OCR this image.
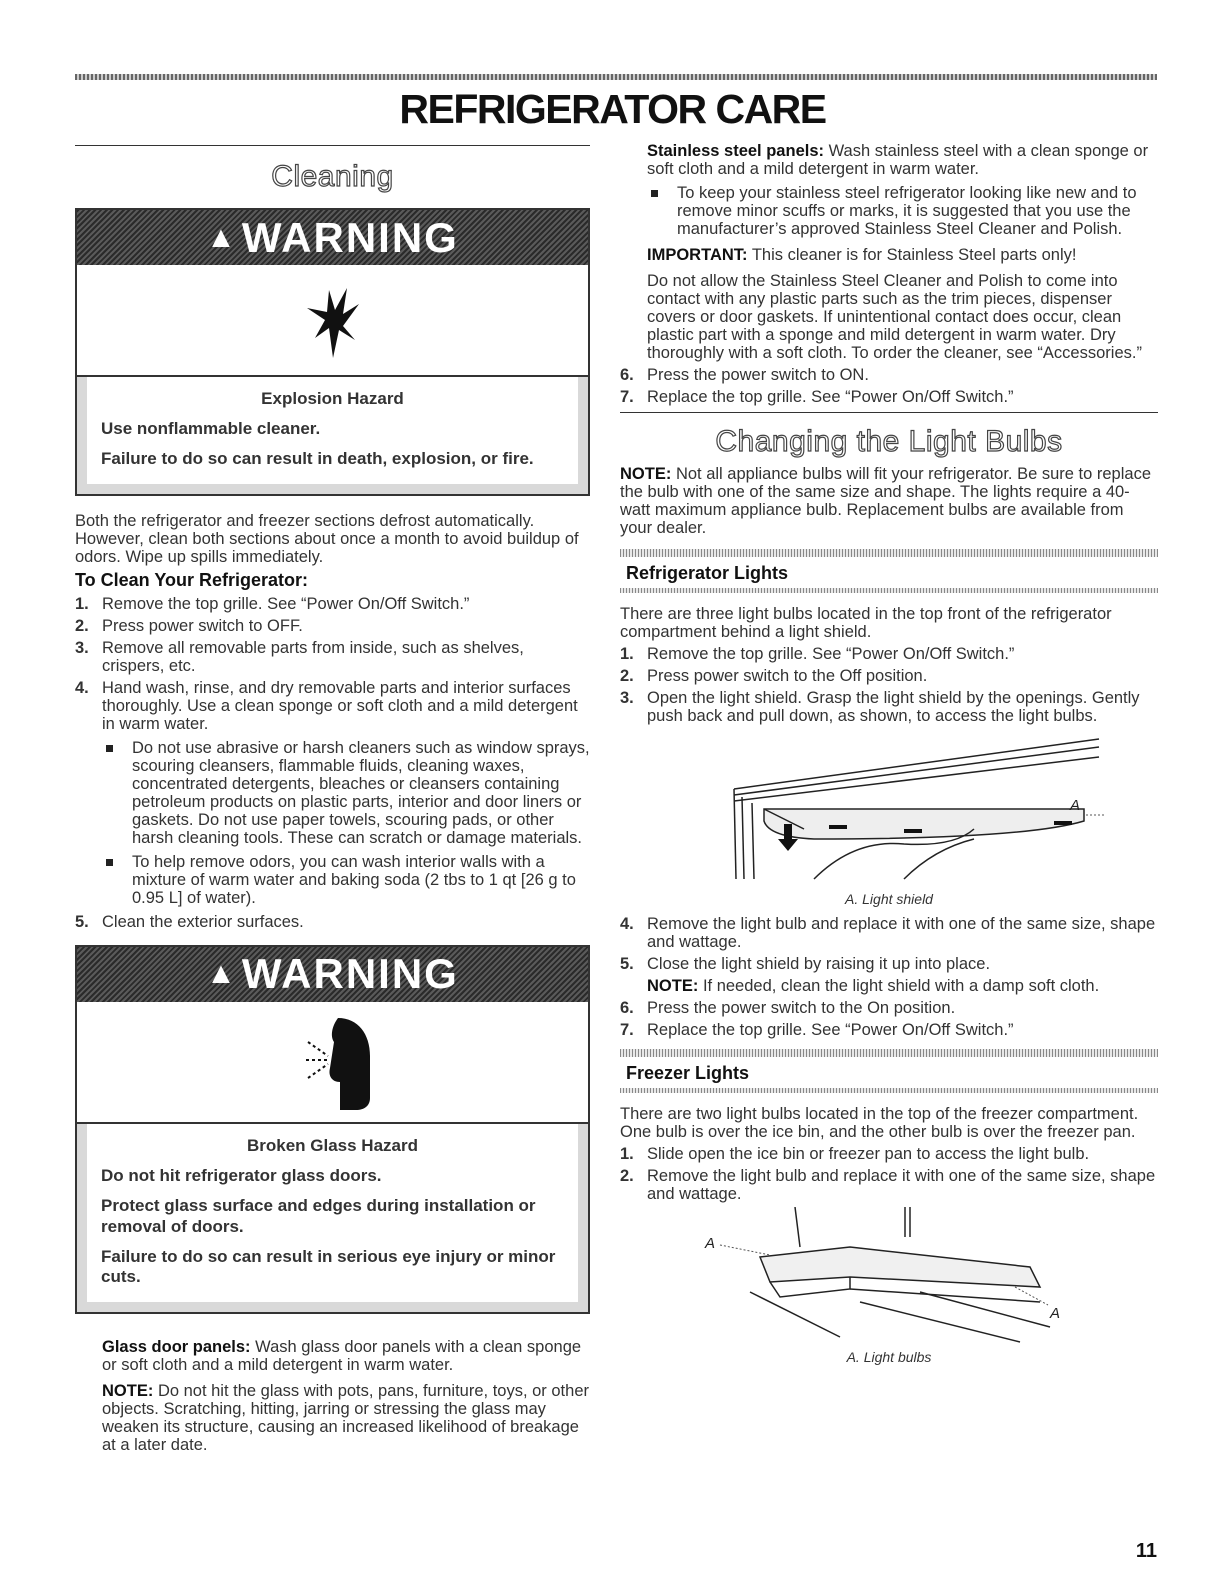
REFRIGERATOR CARE
Cleaning
▲ WARNING
Explosion Hazard

Use nonflammable cleaner.

Failure to do so can result in death, explosion, or fire.

Both the refrigerator and freezer sections defrost automatically. However, clean both sections about once a month to avoid buildup of odors. Wipe up spills immediately.

To Clean Your Refrigerator:
1. Remove the top grille. See “Power On/Off Switch.”
2. Press power switch to OFF.
3. Remove all removable parts from inside, such as shelves, crispers, etc.
4. Hand wash, rinse, and dry removable parts and interior surfaces thoroughly. Use a clean sponge or soft cloth and a mild detergent in warm water.
Do not use abrasive or harsh cleaners such as window sprays, scouring cleansers, flammable fluids, cleaning waxes, concentrated detergents, bleaches or cleansers containing petroleum products on plastic parts, interior and door liners or gaskets. Do not use paper towels, scouring pads, or other harsh cleaning tools. These can scratch or damage materials.
To help remove odors, you can wash interior walls with a mixture of warm water and baking soda (2 tbs to 1 qt [26 g to 0.95 L] of water).
5. Clean the exterior surfaces.
▲ WARNING
Broken Glass Hazard

Do not hit refrigerator glass doors.

Protect glass surface and edges during installation or removal of doors.

Failure to do so can result in serious eye injury or minor cuts.

Glass door panels: Wash glass door panels with a clean sponge or soft cloth and a mild detergent in warm water.

NOTE: Do not hit the glass with pots, pans, furniture, toys, or other objects. Scratching, hitting, jarring or stressing the glass may weaken its structure, causing an increased likelihood of breakage at a later date.

Stainless steel panels: Wash stainless steel with a clean sponge or soft cloth and a mild detergent in warm water.

To keep your stainless steel refrigerator looking like new and to remove minor scuffs or marks, it is suggested that you use the manufacturer’s approved Stainless Steel Cleaner and Polish.

IMPORTANT: This cleaner is for Stainless Steel parts only!

Do not allow the Stainless Steel Cleaner and Polish to come into contact with any plastic parts such as the trim pieces, dispenser covers or door gaskets. If unintentional contact does occur, clean plastic part with a sponge and mild detergent in warm water. Dry thoroughly with a soft cloth. To order the cleaner, see “Accessories.”

6. Press the power switch to ON.
7. Replace the top grille. See “Power On/Off Switch.”
Changing the Light Bulbs

NOTE: Not all appliance bulbs will fit your refrigerator. Be sure to replace the bulb with one of the same size and shape. The lights require a 40-watt maximum appliance bulb. Replacement bulbs are available from your dealer.

Refrigerator Lights

There are three light bulbs located in the top front of the refrigerator compartment behind a light shield.

1. Remove the top grille. See “Power On/Off Switch.”
2. Press power switch to the Off position.
3. Open the light shield. Grasp the light shield by the openings. Gently push back and pull down, as shown, to access the light bulbs.
A
A. Light shield
4. Remove the light bulb and replace it with one of the same size, shape and wattage.
5. Close the light shield by raising it up into place.

NOTE: If needed, clean the light shield with a damp soft cloth.

6. Press the power switch to the On position.
7. Replace the top grille. See “Power On/Off Switch.”
Freezer Lights

There are two light bulbs located in the top of the freezer compartment. One bulb is over the ice bin, and the other bulb is over the freezer pan.

1. Slide open the ice bin or freezer pan to access the light bulb.
2. Remove the light bulb and replace it with one of the same size, shape and wattage.
A
A
A. Light bulbs
11
